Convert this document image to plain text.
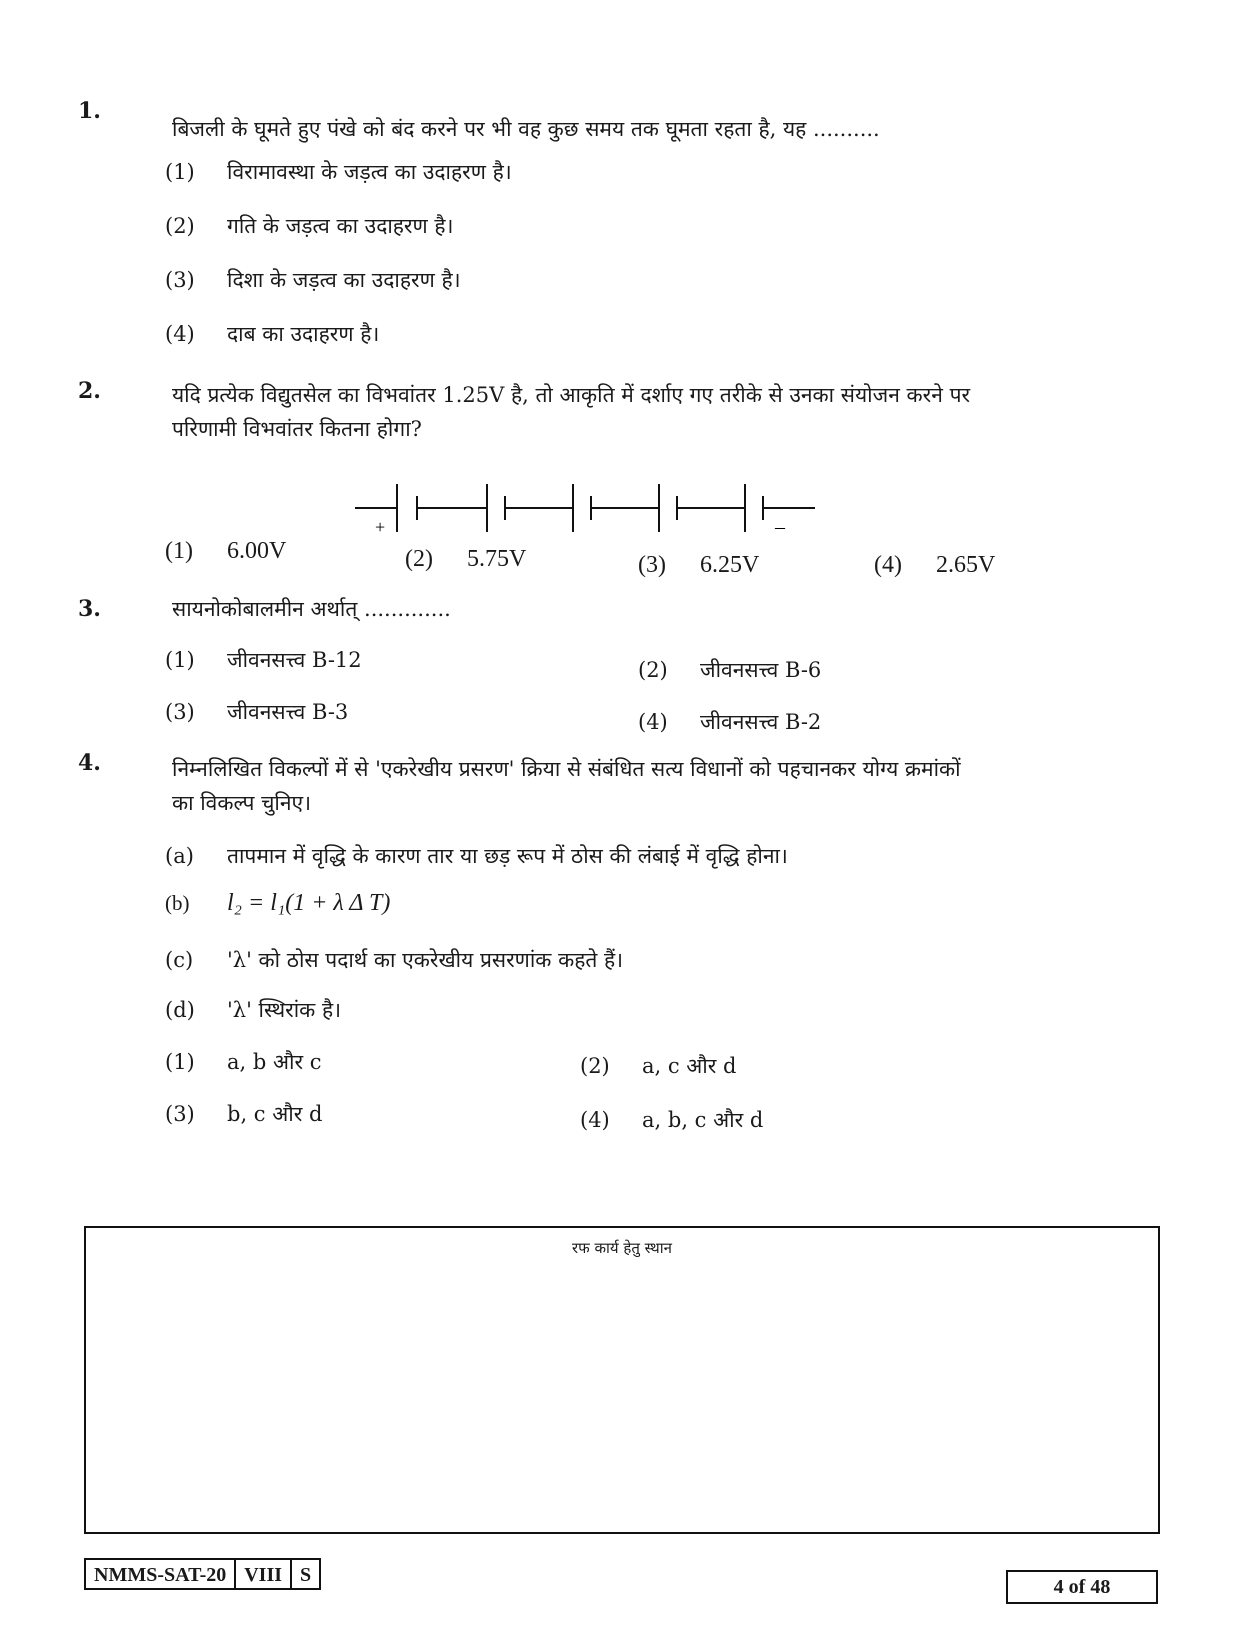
1.
बिजली के घूमते हुए पंखे को बंद करने पर भी वह कुछ समय तक घूमता रहता है, यह ..........
(1) विरामावस्था के जड़त्व का उदाहरण है।
(2) गति के जड़त्व का उदाहरण है।
(3) दिशा के जड़त्व का उदाहरण है।
(4) दाब का उदाहरण है।
2.	यदि प्रत्येक विद्युतसेल का विभवांतर 1.25V है, तो आकृति में दर्शाए गए तरीके से उनका संयोजन करने पर
परिणामी विभवांतर कितना होगा?
+	–
(1) 6.00V	(2) 5.75V	(3) 6.25V	(4) 2.65V
3.	सायनोकोबालमीन अर्थात् .............
(1) जीवनसत्त्व B-12	(2) जीवनसत्त्व B-6
(3) जीवनसत्त्व B-3	(4) जीवनसत्त्व B-2
4.	निम्नलिखित विकल्पों में से 'एकरेखीय प्रसरण' क्रिया से संबंधित सत्य विधानों को पहचानकर योग्य क्रमांकों
का विकल्प चुनिए।
(a) तापमान में वृद्धि के कारण तार या छड़ रूप में ठोस की लंबाई में वृद्धि होना।
(b) l₂ = l₁(1 + λ Δ T)
(c) 'λ' को ठोस पदार्थ का एकरेखीय प्रसरणांक कहते हैं।
(d) 'λ' स्थिरांक है।
(1) a, b और c	(2) a, c और d
(3) b, c और d	(4) a, b, c और d
रफ कार्य हेतु स्थान
NMMS-SAT-20 VIII S
4 of 48
